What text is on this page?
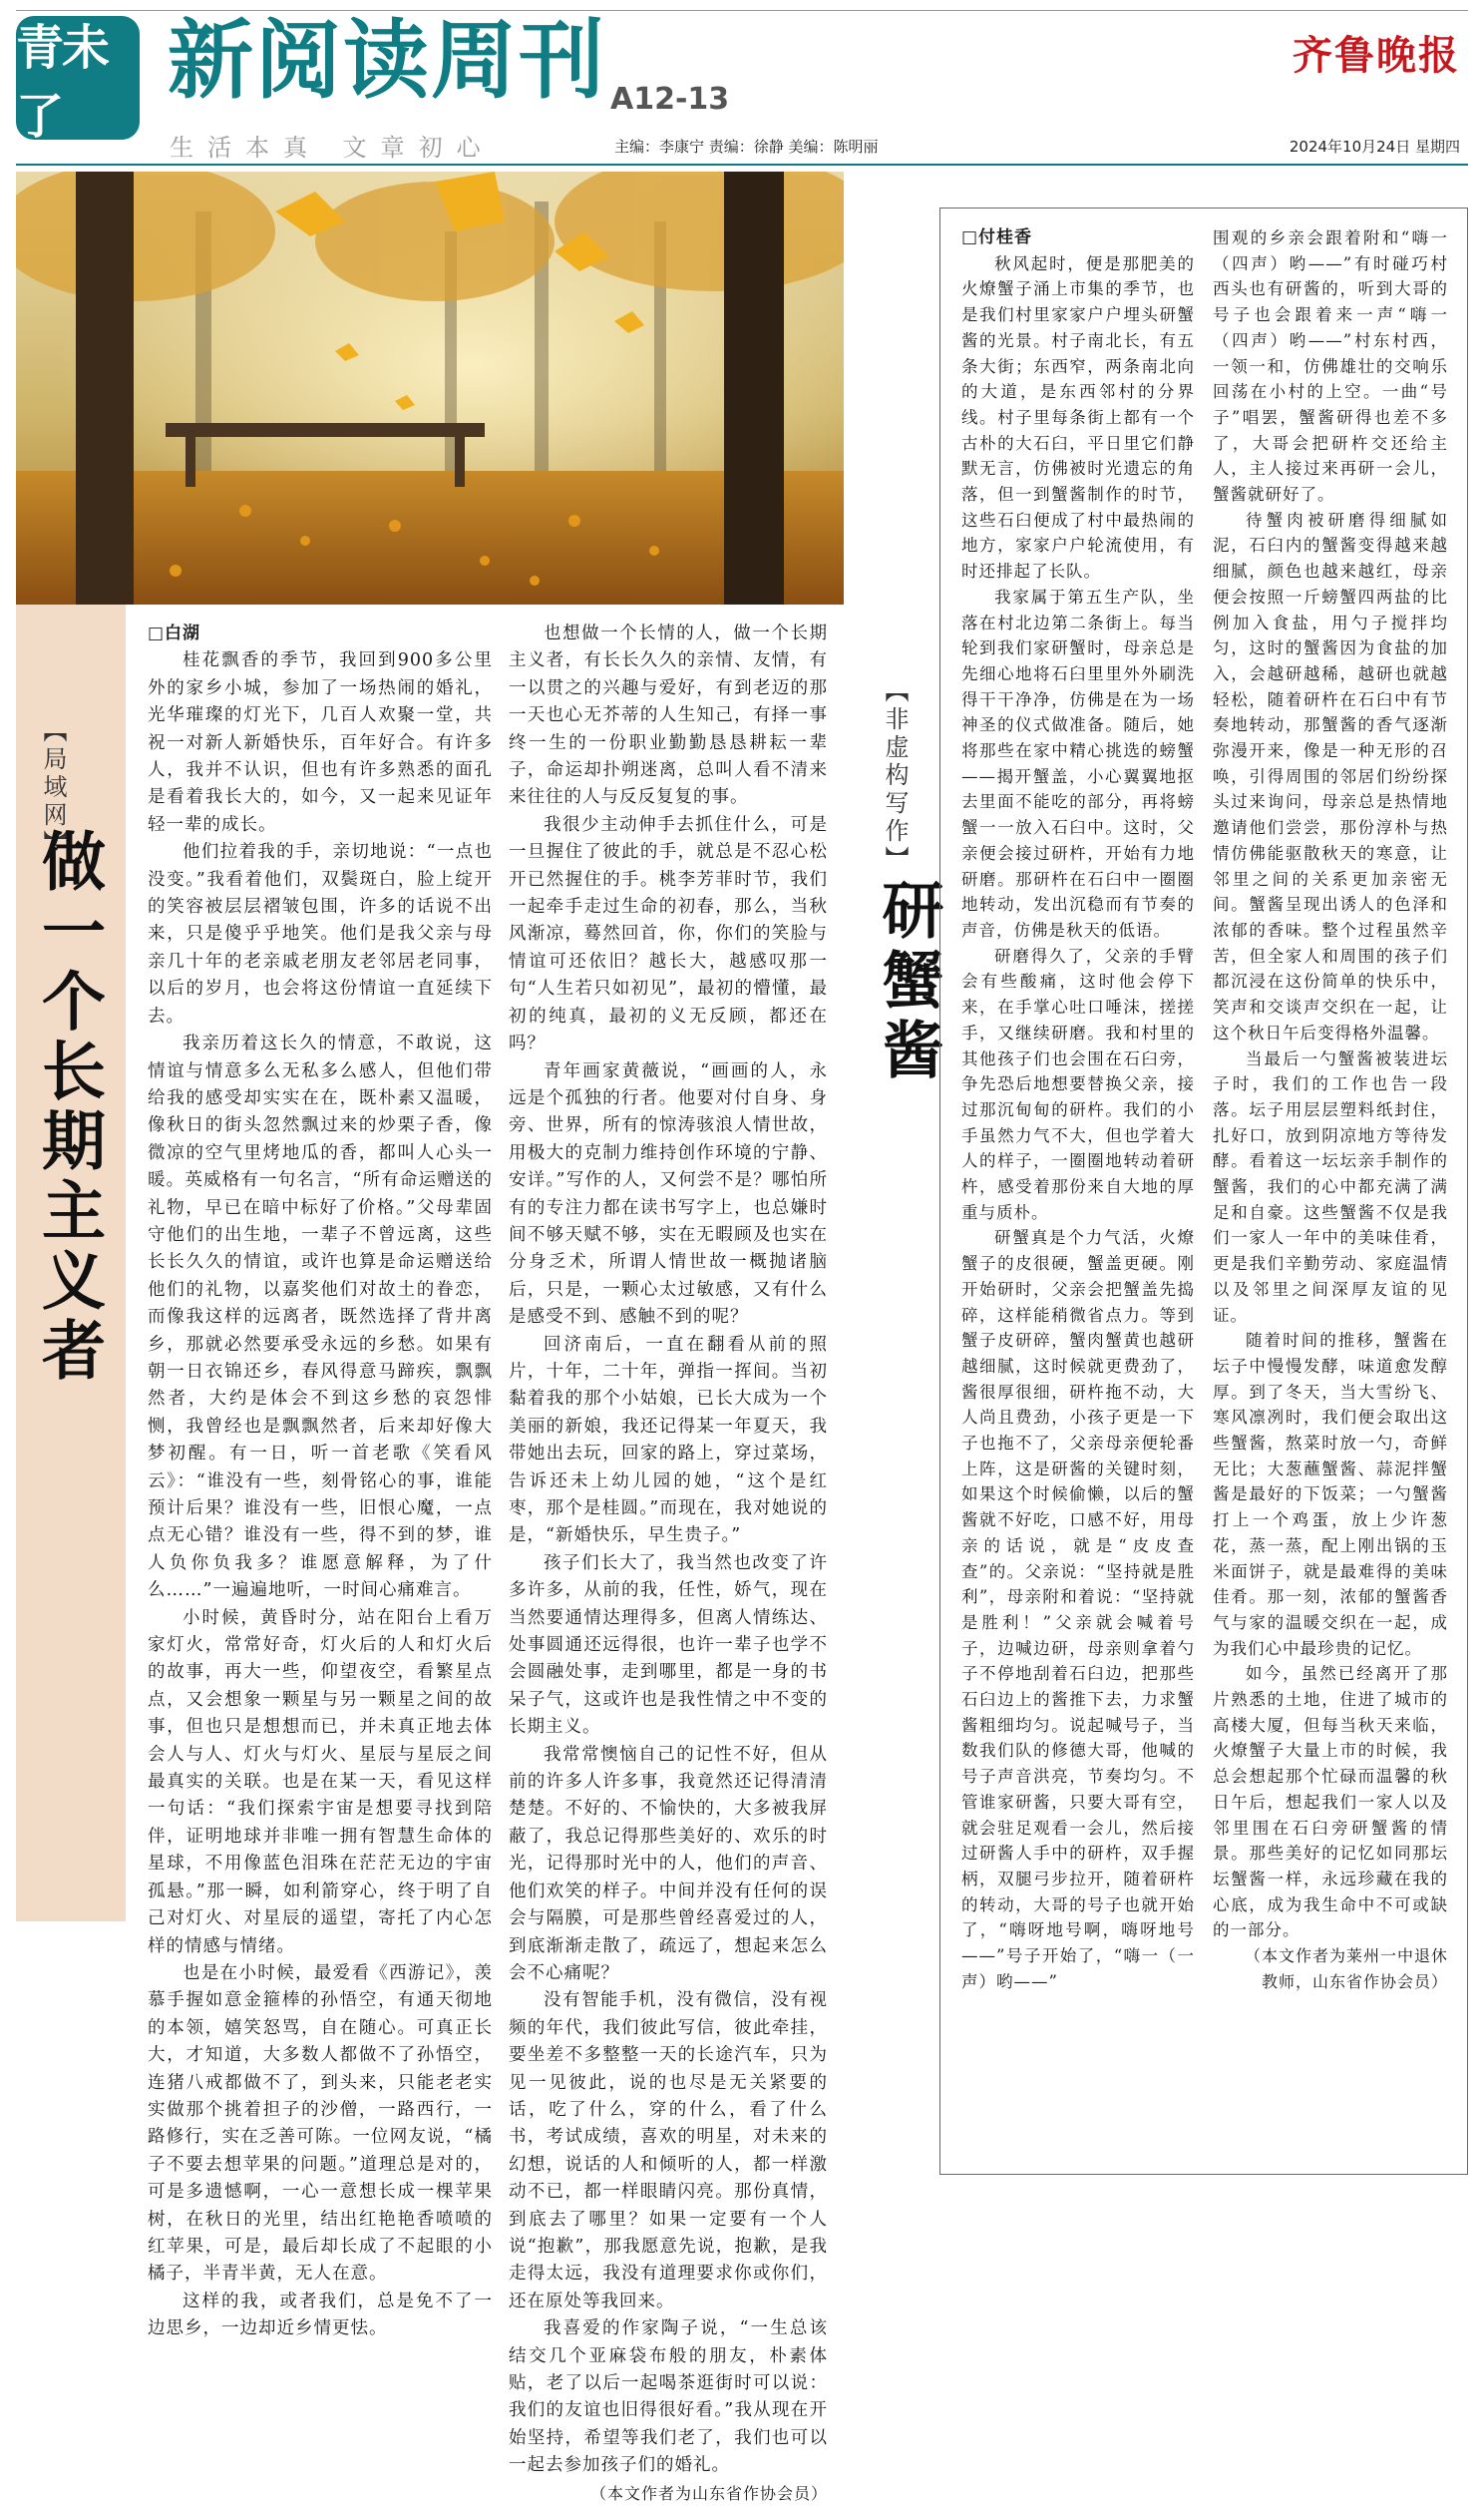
青未了
新阅读周刊 A12-13
生活本真 文章初心	主编：李康宁 责编：徐静 美编：陈明丽
齐鲁晚报
2024年10月24日 星期四
【局域网】
做一个长期主义者

□白湖

桂花飘香的季节，我回到900多公里外的家乡小城，参加了一场热闹的婚礼，光华璀璨的灯光下，几百人欢聚一堂，共祝一对新人新婚快乐，百年好合。有许多人，我并不认识，但也有许多熟悉的面孔是看着我长大的，如今，又一起来见证年轻一辈的成长。

他们拉着我的手，亲切地说：“一点也没变。”我看着他们，双鬓斑白，脸上绽开的笑容被层层褶皱包围，许多的话说不出来，只是傻乎乎地笑。他们是我父亲与母亲几十年的老亲戚老朋友老邻居老同事，以后的岁月，也会将这份情谊一直延续下去。

我亲历着这长久的情意，不敢说，这情谊与情意多么无私多么感人，但他们带给我的感受却实实在在，既朴素又温暖，像秋日的街头忽然飘过来的炒栗子香，像微凉的空气里烤地瓜的香，都叫人心头一暖。英威格有一句名言，“所有命运赠送的礼物，早已在暗中标好了价格。”父母辈固守他们的出生地，一辈子不曾远离，这些长长久久的情谊，或许也算是命运赠送给他们的礼物，以嘉奖他们对故土的眷恋，而像我这样的远离者，既然选择了背井离乡，那就必然要承受永远的乡愁。如果有朝一日衣锦还乡，春风得意马蹄疾，飘飘然者，大约是体会不到这乡愁的哀怨悱恻，我曾经也是飘飘然者，后来却好像大梦初醒。有一日，听一首老歌《笑看风云》：“谁没有一些，刻骨铭心的事，谁能预计后果？谁没有一些，旧恨心魔，一点点无心错？谁没有一些，得不到的梦，谁人负你负我多？谁愿意解释，为了什么……”一遍遍地听，一时间心痛难言。

小时候，黄昏时分，站在阳台上看万家灯火，常常好奇，灯火后的人和灯火后的故事，再大一些，仰望夜空，看繁星点点，又会想象一颗星与另一颗星之间的故事，但也只是想想而已，并未真正地去体会人与人、灯火与灯火、星辰与星辰之间最真实的关联。也是在某一天，看见这样一句话：“我们探索宇宙是想要寻找到陪伴，证明地球并非唯一拥有智慧生命体的星球，不用像蓝色泪珠在茫茫无边的宇宙孤悬。”那一瞬，如利箭穿心，终于明了自己对灯火、对星辰的遥望，寄托了内心怎样的情感与情绪。

也是在小时候，最爱看《西游记》，羡慕手握如意金箍棒的孙悟空，有通天彻地的本领，嬉笑怒骂，自在随心。可真正长大，才知道，大多数人都做不了孙悟空，连猪八戒都做不了，到头来，只能老老实实做那个挑着担子的沙僧，一路西行，一路修行，实在乏善可陈。一位网友说，“橘子不要去想苹果的问题。”道理总是对的，可是多遗憾啊，一心一意想长成一棵苹果树，在秋日的光里，结出红艳艳香喷喷的红苹果，可是，最后却长成了不起眼的小橘子，半青半黄，无人在意。

这样的我，或者我们，总是免不了一边思乡，一边却近乡情更怯。

也想做一个长情的人，做一个长期主义者，有长长久久的亲情、友情，有一以贯之的兴趣与爱好，有到老迈的那一天也心无芥蒂的人生知己，有择一事终一生的一份职业勤勤恳恳耕耘一辈子，命运却扑朔迷离，总叫人看不清来来往往的人与反反复复的事。

我很少主动伸手去抓住什么，可是一旦握住了彼此的手，就总是不忍心松开已然握住的手。桃李芳菲时节，我们一起牵手走过生命的初春，那么，当秋风渐凉，蓦然回首，你，你们的笑脸与情谊可还依旧？越长大，越感叹那一句“人生若只如初见”，最初的懵懂，最初的纯真，最初的义无反顾，都还在吗？

青年画家黄薇说，“画画的人，永远是个孤独的行者。他要对付自身、身旁、世界，所有的惊涛骇浪人情世故，用极大的克制力维持创作环境的宁静、安详。”写作的人，又何尝不是？哪怕所有的专注力都在读书写字上，也总嫌时间不够天赋不够，实在无暇顾及也实在分身乏术，所谓人情世故一概抛诸脑后，只是，一颗心太过敏感，又有什么是感受不到、感触不到的呢？

回济南后，一直在翻看从前的照片，十年，二十年，弹指一挥间。当初黏着我的那个小姑娘，已长大成为一个美丽的新娘，我还记得某一年夏天，我带她出去玩，回家的路上，穿过菜场，告诉还未上幼儿园的她，“这个是红枣，那个是桂圆。”而现在，我对她说的是，“新婚快乐，早生贵子。”

孩子们长大了，我当然也改变了许多许多，从前的我，任性，娇气，现在当然要通情达理得多，但离人情练达、处事圆通还远得很，也许一辈子也学不会圆融处事，走到哪里，都是一身的书呆子气，这或许也是我性情之中不变的长期主义。

我常常懊恼自己的记性不好，但从前的许多人许多事，我竟然还记得清清楚楚。不好的、不愉快的，大多被我屏蔽了，我总记得那些美好的、欢乐的时光，记得那时光中的人，他们的声音、他们欢笑的样子。中间并没有任何的误会与隔膜，可是那些曾经喜爱过的人，到底渐渐走散了，疏远了，想起来怎么会不心痛呢？

没有智能手机，没有微信，没有视频的年代，我们彼此写信，彼此牵挂，要坐差不多整整一天的长途汽车，只为见一见彼此，说的也尽是无关紧要的话，吃了什么，穿的什么，看了什么书，考试成绩，喜欢的明星，对未来的幻想，说话的人和倾听的人，都一样激动不已，都一样眼睛闪亮。那份真情，到底去了哪里？如果一定要有一个人说“抱歉”，那我愿意先说，抱歉，是我走得太远，我没有道理要求你或你们，还在原处等我回来。

我喜爱的作家陶子说，“一生总该结交几个亚麻袋布般的朋友，朴素体贴，老了以后一起喝茶逛街时可以说：我们的友谊也旧得很好看。”我从现在开始坚持，希望等我们老了，我们也可以一起去参加孩子们的婚礼。

（本文作者为山东省作协会员）

【非虚构写作】
研蟹酱

□付桂香

秋风起时，便是那肥美的火燎蟹子涌上市集的季节，也是我们村里家家户户埋头研蟹酱的光景。村子南北长，有五条大街；东西窄，两条南北向的大道，是东西邻村的分界线。村子里每条街上都有一个古朴的大石臼，平日里它们静默无言，仿佛被时光遗忘的角落，但一到蟹酱制作的时节，这些石臼便成了村中最热闹的地方，家家户户轮流使用，有时还排起了长队。

我家属于第五生产队，坐落在村北边第二条街上。每当轮到我们家研蟹时，母亲总是先细心地将石臼里里外外刷洗得干干净净，仿佛是在为一场神圣的仪式做准备。随后，她将那些在家中精心挑选的螃蟹——揭开蟹盖，小心翼翼地抠去里面不能吃的部分，再将螃蟹一一放入石臼中。这时，父亲便会接过研杵，开始有力地研磨。那研杵在石臼中一圈圈地转动，发出沉稳而有节奏的声音，仿佛是秋天的低语。

研磨得久了，父亲的手臂会有些酸痛，这时他会停下来，在手掌心吐口唾沫，搓搓手，又继续研磨。我和村里的其他孩子们也会围在石臼旁，争先恐后地想要替换父亲，接过那沉甸甸的研杵。我们的小手虽然力气不大，但也学着大人的样子，一圈圈地转动着研杵，感受着那份来自大地的厚重与质朴。

研蟹真是个力气活，火燎蟹子的皮很硬，蟹盖更硬。刚开始研时，父亲会把蟹盖先捣碎，这样能稍微省点力。等到蟹子皮研碎，蟹肉蟹黄也越研越细腻，这时候就更费劲了，酱很厚很细，研杵拖不动，大人尚且费劲，小孩子更是一下子也拖不了，父亲母亲便轮番上阵，这是研酱的关键时刻，如果这个时候偷懒，以后的蟹酱就不好吃，口感不好，用母亲的话说，就是“皮皮查查”的。父亲说：“坚持就是胜利”，母亲附和着说：“坚持就是胜利！”父亲就会喊着号子，边喊边研，母亲则拿着勺子不停地刮着石臼边，把那些石臼边上的酱推下去，力求蟹酱粗细均匀。说起喊号子，当数我们队的修德大哥，他喊的号子声音洪亮，节奏均匀。不管谁家研酱，只要大哥有空，就会驻足观看一会儿，然后接过研酱人手中的研杵，双手握柄，双腿弓步拉开，随着研杵的转动，大哥的号子也就开始了，“嗨呀地号啊，嗨呀地号——”号子开始了，“嗨一（一声）哟——”

围观的乡亲会跟着附和“嗨一（四声）哟——”有时碰巧村西头也有研酱的，听到大哥的号子也会跟着来一声“嗨一（四声）哟——”村东村西，一领一和，仿佛雄壮的交响乐回荡在小村的上空。一曲“号子”唱罢，蟹酱研得也差不多了，大哥会把研杵交还给主人，主人接过来再研一会儿，蟹酱就研好了。

待蟹肉被研磨得细腻如泥，石臼内的蟹酱变得越来越细腻，颜色也越来越红，母亲便会按照一斤螃蟹四两盐的比例加入食盐，用勺子搅拌均匀，这时的蟹酱因为食盐的加入，会越研越稀，越研也就越轻松，随着研杵在石臼中有节奏地转动，那蟹酱的香气逐渐弥漫开来，像是一种无形的召唤，引得周围的邻居们纷纷探头过来询问，母亲总是热情地邀请他们尝尝，那份淳朴与热情仿佛能驱散秋天的寒意，让邻里之间的关系更加亲密无间。蟹酱呈现出诱人的色泽和浓郁的香味。整个过程虽然辛苦，但全家人和周围的孩子们都沉浸在这份简单的快乐中，笑声和交谈声交织在一起，让这个秋日午后变得格外温馨。

当最后一勺蟹酱被装进坛子时，我们的工作也告一段落。坛子用层层塑料纸封住，扎好口，放到阴凉地方等待发酵。看着这一坛坛亲手制作的蟹酱，我们的心中都充满了满足和自豪。这些蟹酱不仅是我们一家人一年中的美味佳肴，更是我们辛勤劳动、家庭温情以及邻里之间深厚友谊的见证。

随着时间的推移，蟹酱在坛子中慢慢发酵，味道愈发醇厚。到了冬天，当大雪纷飞、寒风凛冽时，我们便会取出这些蟹酱，熬菜时放一勺，奇鲜无比；大葱蘸蟹酱、蒜泥拌蟹酱是最好的下饭菜；一勺蟹酱打上一个鸡蛋，放上少许葱花，蒸一蒸，配上刚出锅的玉米面饼子，就是最难得的美味佳肴。那一刻，浓郁的蟹酱香气与家的温暖交织在一起，成为我们心中最珍贵的记忆。

如今，虽然已经离开了那片熟悉的土地，住进了城市的高楼大厦，但每当秋天来临，火燎蟹子大量上市的时候，我总会想起那个忙碌而温馨的秋日午后，想起我们一家人以及邻里围在石臼旁研蟹酱的情景。那些美好的记忆如同那坛坛蟹酱一样，永远珍藏在我的心底，成为我生命中不可或缺的一部分。

（本文作者为莱州一中退休教师，山东省作协会员）
